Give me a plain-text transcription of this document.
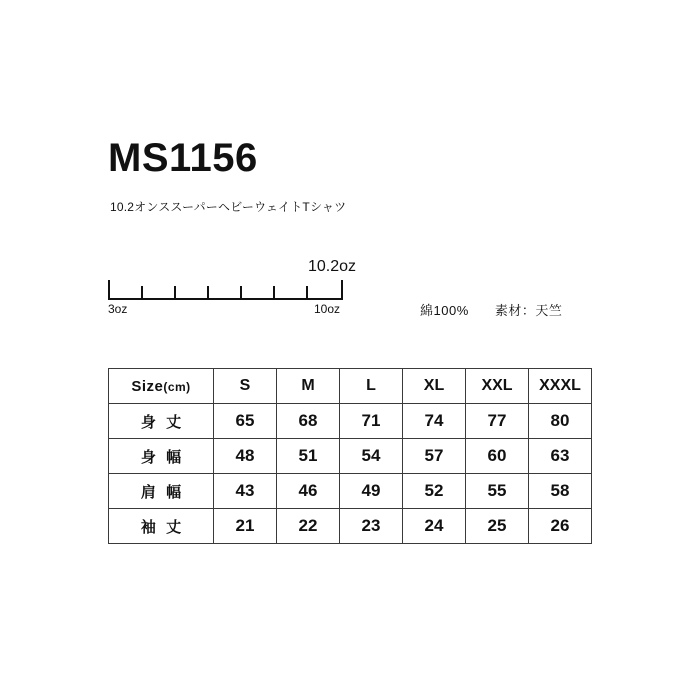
MS1156
10.2オンススーパーヘビーウェイトTシャツ
10.2oz
3oz	10oz	綿100% 素材：天竺
Size(cm)	S	M	L	XL	XXL	XXXL
身 丈	65	68	71	74	77	80
身 幅	48	51	54	57	60	63
肩 幅	43	46	49	52	55	58
袖 丈	21	22	23	24	25	26
